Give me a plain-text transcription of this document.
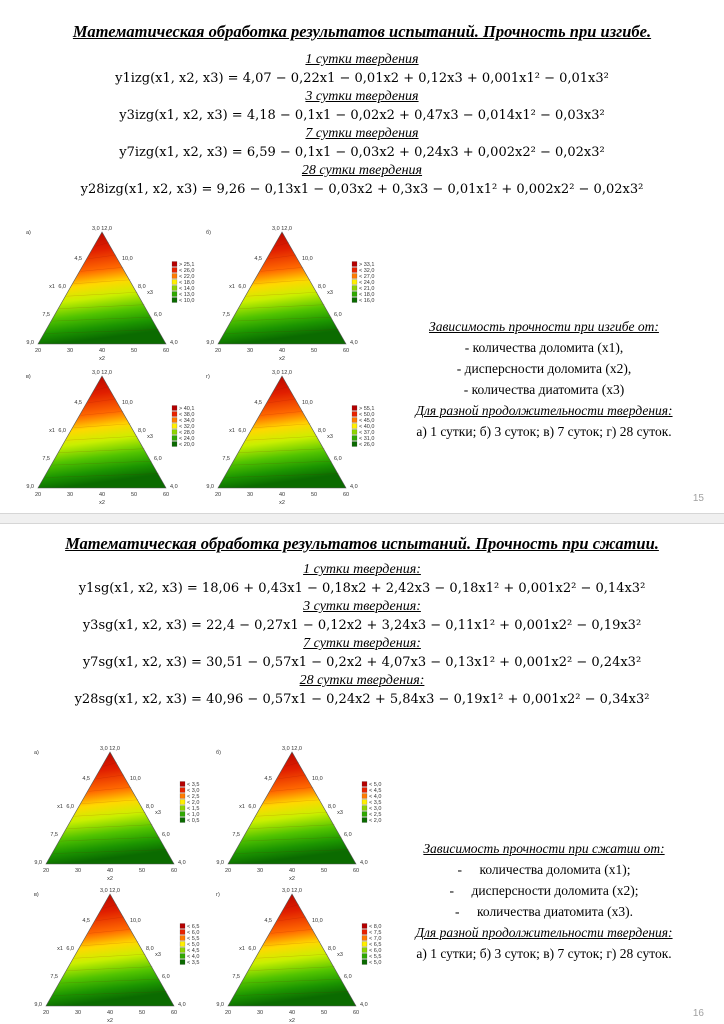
Математическая обработка результатов испытаний. Прочность при изгибе.
1 сутки твердения
y1izg(x1, x2, x3) = 4,07 − 0,22x1 − 0,01x2 + 0,12x3 + 0,001x1² − 0,01x3²
3 сутки твердения
y3izg(x1, x2, x3) = 4,18 − 0,1x1 − 0,02x2 + 0,47x3 − 0,014x1² − 0,03x3²
7 сутки твердения
y7izg(x1, x2, x3) = 6,59 − 0,1x1 − 0,03x2 + 0,24x3 + 0,002x2² − 0,02x3²
28 сутки твердения
y28izg(x1, x2, x3) = 9,26 − 0,13x1 − 0,03x2 + 0,3x3 − 0,01x1² + 0,002x2² − 0,02x3²
а)
3,0 12,0
4,5
6,0
7,5
9,0
10,0
8,0
6,0
4,0
20	30	40	50	60
x1
x3
x2
> 25,1
< 26,0
< 22,0
< 18,0
< 14,0
< 13,0
< 10,0
б)
3,0 12,0
4,5
6,0
7,5
9,0
10,0
8,0
6,0
4,0
20	30	40	50	60
x1
x3
x2
> 33,1
< 32,0
< 27,0
< 24,0
< 21,0
< 18,0
< 16,0
в)
3,0 12,0
4,5
6,0
7,5
9,0
10,0
8,0
6,0
4,0
20	30	40	50	60
x1
x3
x2
> 40,1
< 38,0
< 34,0
< 32,0
< 28,0
< 24,0
< 20,0
г)
3,0 12,0
4,5
6,0
7,5
9,0
10,0
8,0
6,0
4,0
20	30	40	50	60
x1
x3
x2
> 55,1
< 50,0
< 45,0
< 40,0
< 37,0
< 31,0
< 26,0
Зависимость прочности при изгибе от:
- количества доломита (x1),
- дисперсности доломита (x2),
- количества диатомита (x3)
Для разной продолжительности твердения:
а) 1 сутки; б) 3 суток; в) 7 суток; г) 28 суток.
15
Математическая обработка результатов испытаний. Прочность при сжатии.
1 сутки твердения:
y1sg(x1, x2, x3) = 18,06 + 0,43x1 − 0,18x2 + 2,42x3 − 0,18x1² + 0,001x2² − 0,14x3²
3 сутки твердения:
y3sg(x1, x2, x3) = 22,4 − 0,27x1 − 0,12x2 + 3,24x3 − 0,11x1² + 0,001x2² − 0,19x3²
7 сутки твердения:
y7sg(x1, x2, x3) = 30,51 − 0,57x1 − 0,2x2 + 4,07x3 − 0,13x1² + 0,001x2² − 0,24x3²
28 сутки твердения:
y28sg(x1, x2, x3) = 40,96 − 0,57x1 − 0,24x2 + 5,84x3 − 0,19x1² + 0,001x2² − 0,34x3²
а)
3,0 12,0
4,5
6,0
7,5
9,0
10,0
8,0
6,0
4,0
20	30	40	50	60
x1
x3
x2
< 3,5
< 3,0
< 2,5
< 2,0
< 1,5
< 1,0
< 0,5
б)
3,0 12,0
4,5
6,0
7,5
9,0
10,0
8,0
6,0
4,0
20	30	40	50	60
x1
x3
x2
< 5,0
< 4,5
< 4,0
< 3,5
< 3,0
< 2,5
< 2,0
в)
3,0 12,0
4,5
6,0
7,5
9,0
10,0
8,0
6,0
4,0
20	30	40	50	60
x1
x3
x2
< 6,5
< 6,0
< 5,5
< 5,0
< 4,5
< 4,0
< 3,5
г)
3,0 12,0
4,5
6,0
7,5
9,0
10,0
8,0
6,0
4,0
20	30	40	50	60
x1
x3
x2
< 8,0
< 7,5
< 7,0
< 6,5
< 6,0
< 5,5
< 5,0
Зависимость прочности при сжатии от:
- количества доломита (x1);
- дисперсности доломита (x2);
- количества диатомита (x3).
Для разной продолжительности твердения:
а) 1 сутки; б) 3 суток; в) 7 суток; г) 28 суток.
16
